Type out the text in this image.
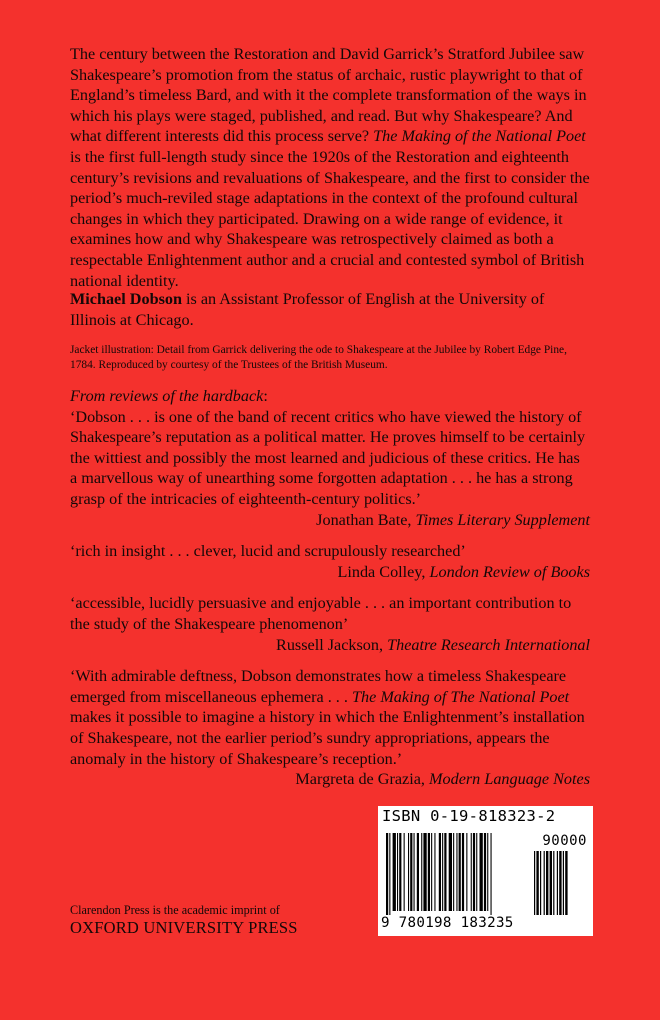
The century between the Restoration and David Garrick’s Stratford Jubilee saw Shakespeare’s promotion from the status of archaic, rustic playwright to that of England’s timeless Bard, and with it the complete transformation of the ways in which his plays were staged, published, and read. But why Shakespeare? And what different interests did this process serve? The Making of the National Poet is the first full-length study since the 1920s of the Restoration and eighteenth century’s revisions and revaluations of Shakespeare, and the first to consider the period’s much-reviled stage adaptations in the context of the profound cultural changes in which they participated. Drawing on a wide range of evidence, it examines how and why Shakespeare was retrospectively claimed as both a respectable Enlightenment author and a crucial and contested symbol of British national identity.

Michael Dobson is an Assistant Professor of English at the University of Illinois at Chicago.

Jacket illustration: Detail from Garrick delivering the ode to Shakespeare at the Jubilee by Robert Edge Pine, 1784. Reproduced by courtesy of the Trustees of the British Museum.

From reviews of the hardback:

‘Dobson . . . is one of the band of recent critics who have viewed the history of Shakespeare’s reputation as a political matter. He proves himself to be certainly the wittiest and possibly the most learned and judicious of these critics. He has a marvellous way of unearthing some forgotten adaptation . . . he has a strong grasp of the intricacies of eighteenth-century politics.’

Jonathan Bate, Times Literary Supplement

‘rich in insight . . . clever, lucid and scrupulously researched’

Linda Colley, London Review of Books

‘accessible, lucidly persuasive and enjoyable . . . an important contribution to the study of the Shakespeare phenomenon’

Russell Jackson, Theatre Research International

‘With admirable deftness, Dobson demonstrates how a timeless Shakespeare emerged from miscellaneous ephemera . . . The Making of The National Poet makes it possible to imagine a history in which the Enlightenment’s installation of Shakespeare, not the earlier period’s sundry appropriations, appears the anomaly in the history of Shakespeare’s reception.’

Margreta de Grazia, Modern Language Notes

Clarendon Press is the academic imprint of
OXFORD UNIVERSITY PRESS
ISBN 0-19-818323-2
90000
9 780198 183235
